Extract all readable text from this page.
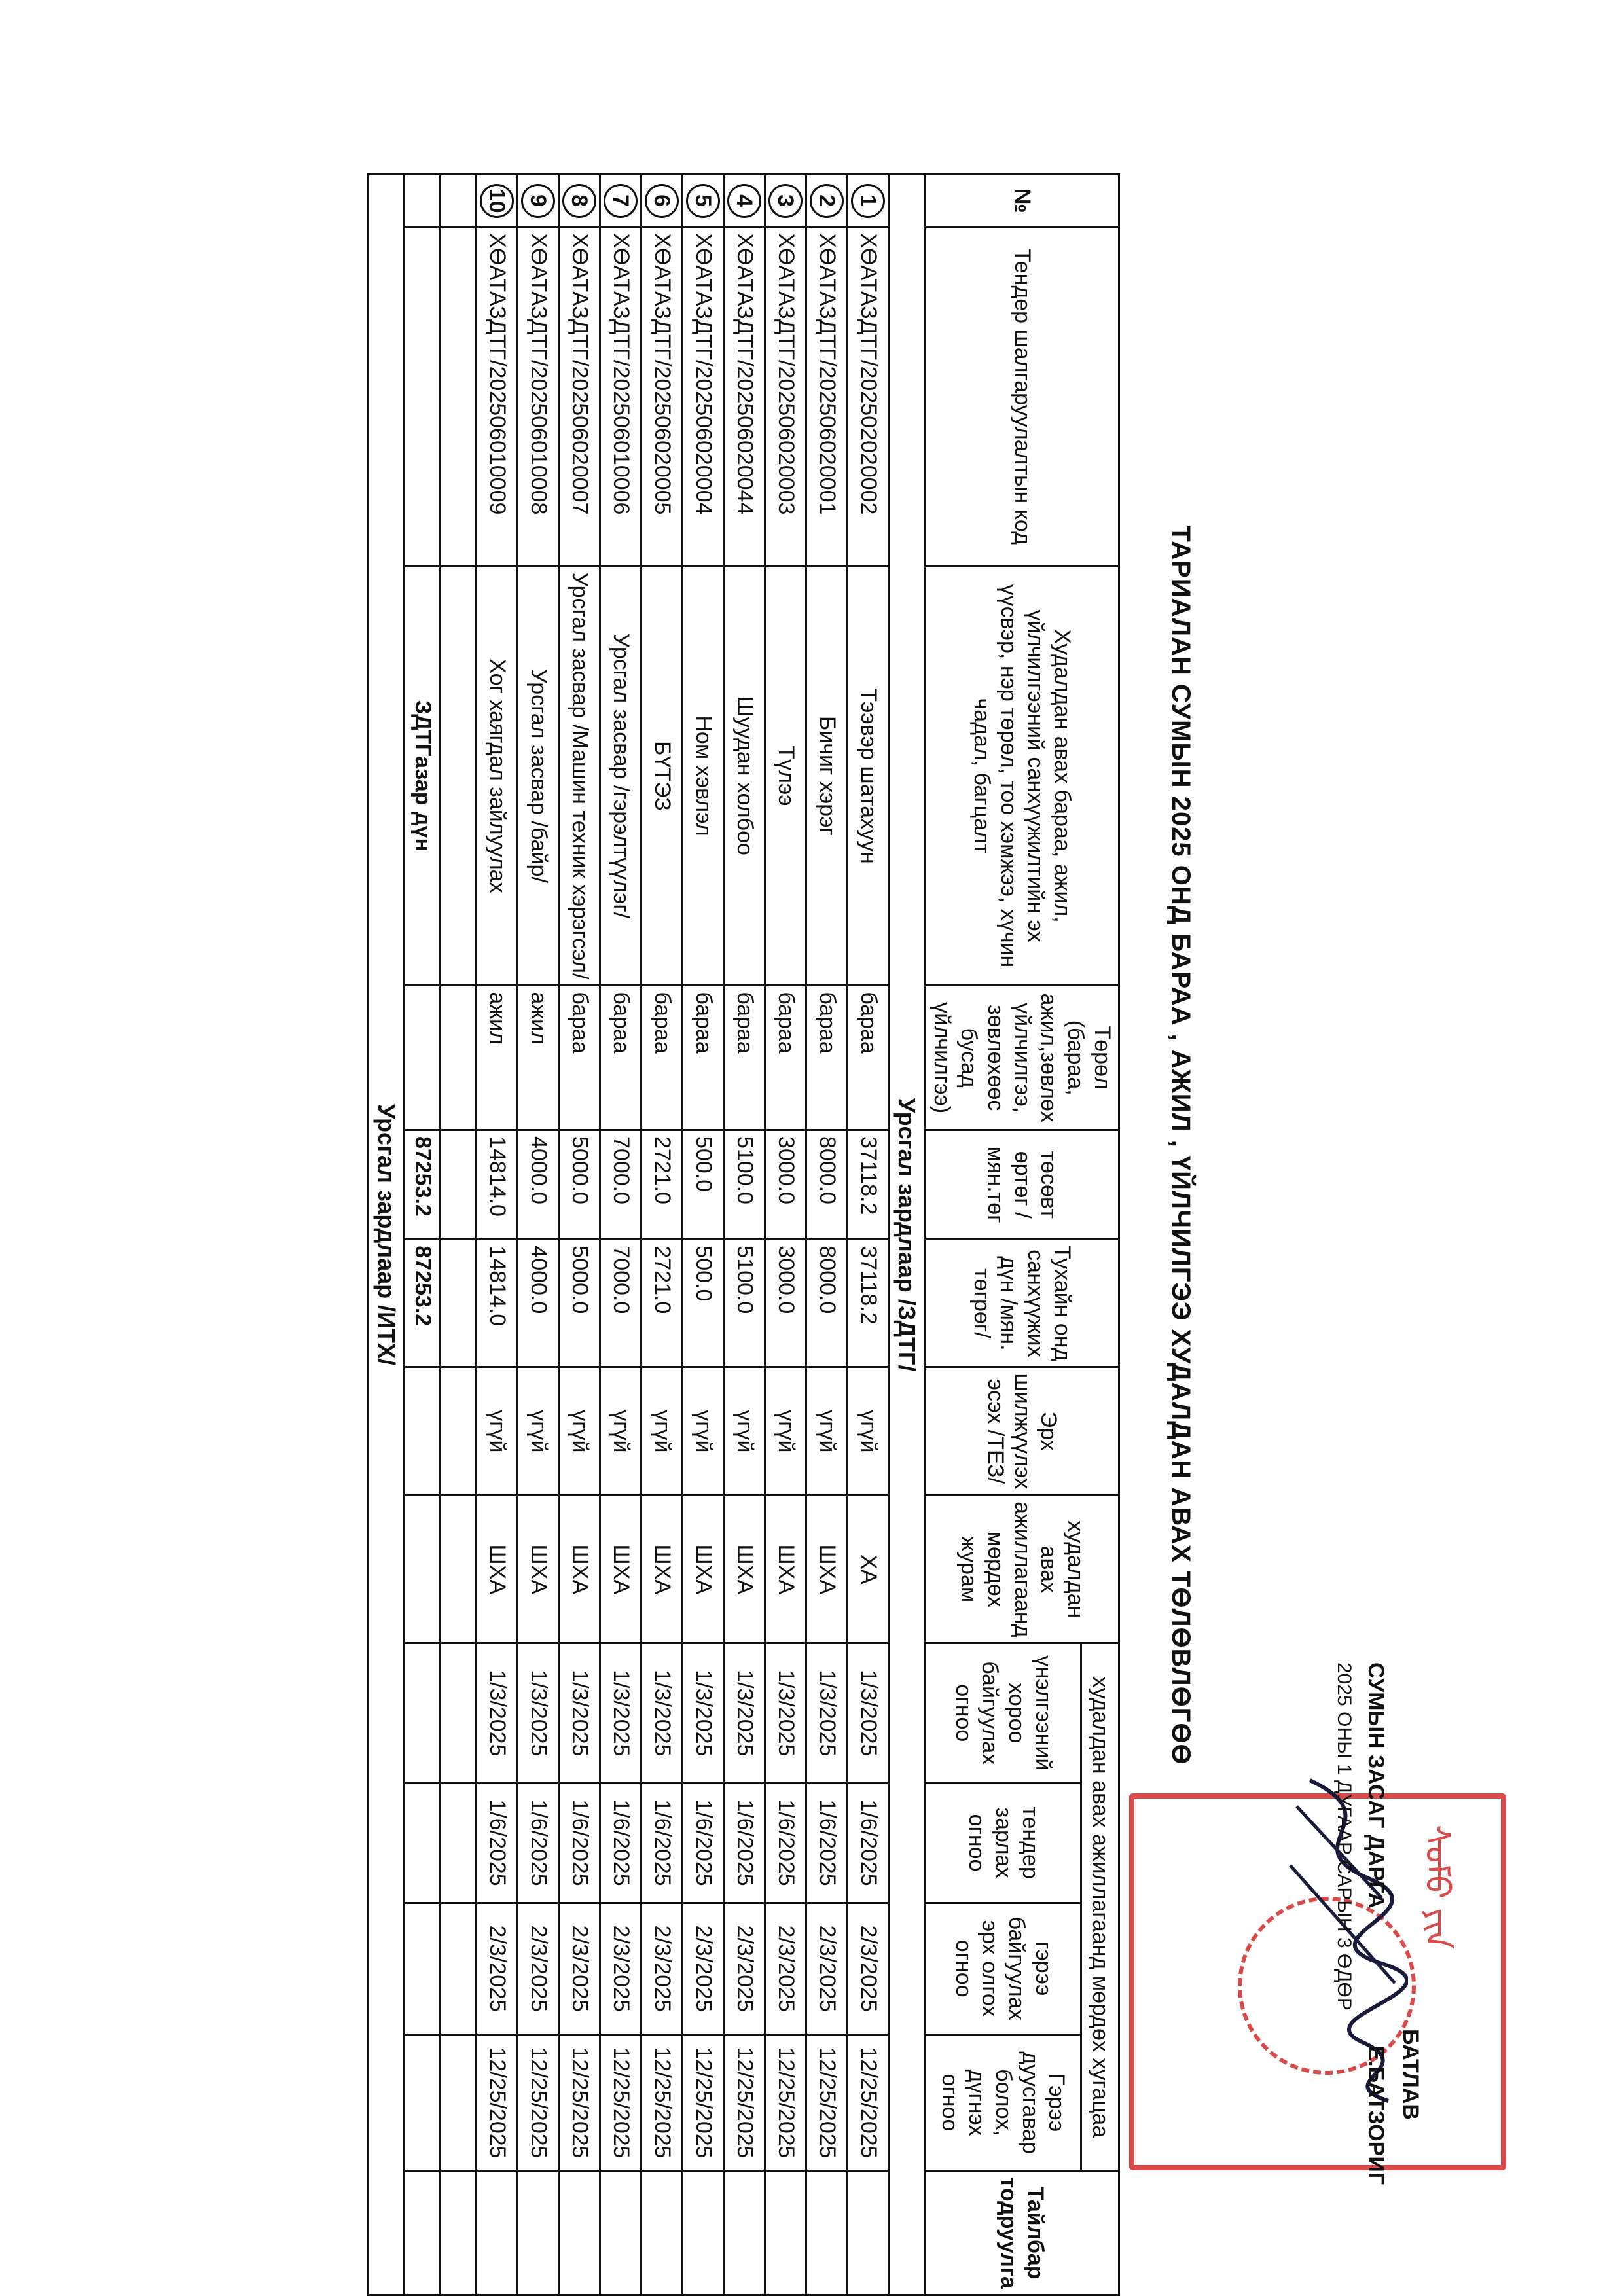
ᠰᠤᠮᠤ ᠶᠢᠨ
БАТЛАВ
СУМЫН ЗАСАГ ДАРГА Е.БАТЗОРИГ
2025 ОНЫ 1 ДУГААР САРЫН 3 ӨДӨР
ТАРИАЛАН СУМЫН 2025 ОНД БАРАА , АЖИЛ , ҮЙЛЧИЛГЭЭ ХУДАЛДАН АВАХ ТӨЛӨВЛӨГӨӨ
№	Тендер шалгаруулалтын код	Худалдан авах бараа, ажил, үйлчилгээний санхүүжилтийн эх үүсвэр, нэр төрөл, тоо хэмжээ, хүчин чадал, багцалт	Төрөл (бараа, ажил,зөвлөх үйлчилгээ, зөвлөхөөс бусад үйлчилгээ)	төсөвт өртөг /мян.төг	Тухайн онд санхүүжих дүн /мян. төгрөг/	Эрх шилжүүлэх эсэх /ТЕЗ/	худалдан авах ажиллагаанд мөрдөх журам	худалдан авах ажиллагаанд мөрдөх хугацаа				Тайлбар тодруулга
								үнэлгээний хороо байгуулах огноо	тендер зарлах огноо	гэрээ байгуулах эрх олгох огноо	Гэрээ дуусгавар болох, дүгнэх огноо	
Урсгал зардлаар /ЗДТГ/												
1	ХӨАТАЗДТГ/202502020002	Тээвэр шатахуун	бараа	37118.2	37118.2	үгүй	ХА	1/3/2025	1/6/2025	2/3/2025	12/25/2025	
2	ХӨАТАЗДТГ/202506020001	Бичиг хэрэг	бараа	8000.0	8000.0	үгүй	ШХА	1/3/2025	1/6/2025	2/3/2025	12/25/2025	
3	ХӨАТАЗДТГ/202506020003	Түлээ	бараа	3000.0	3000.0	үгүй	ШХА	1/3/2025	1/6/2025	2/3/2025	12/25/2025	
4	ХӨАТАЗДТГ/202506020044	Шуудан холбоо	бараа	5100.0	5100.0	үгүй	ШХА	1/3/2025	1/6/2025	2/3/2025	12/25/2025	
5	ХӨАТАЗДТГ/202506020004	Ном хэвлэл	бараа	500.0	500.0	үгүй	ШХА	1/3/2025	1/6/2025	2/3/2025	12/25/2025	
6	ХӨАТАЗДТГ/202506020005	БҮТЭЗ	бараа	2721.0	2721.0	үгүй	ШХА	1/3/2025	1/6/2025	2/3/2025	12/25/2025	
7	ХӨАТАЗДТГ/202506010006	Урсгал засвар /гэрэлтүүлэг/	бараа	7000.0	7000.0	үгүй	ШХА	1/3/2025	1/6/2025	2/3/2025	12/25/2025	
8	ХӨАТАЗДТГ/202506020007	Урсгал засвар /Машин техник хэрэгсэл/	бараа	5000.0	5000.0	үгүй	ШХА	1/3/2025	1/6/2025	2/3/2025	12/25/2025	
9	ХӨАТАЗДТГ/202506010008	Урсгал засвар /байр/	ажил	4000.0	4000.0	үгүй	ШХА	1/3/2025	1/6/2025	2/3/2025	12/25/2025	
10	ХӨАТАЗДТГ/202506010009	Хог хаягдал зайлуулах	ажил	14814.0	14814.0	үгүй	ШХА	1/3/2025	1/6/2025	2/3/2025	12/25/2025	

		ЗДТГазар дүн		87253.2	87253.2							
Урсгал зардлаар /ИТХ/												
